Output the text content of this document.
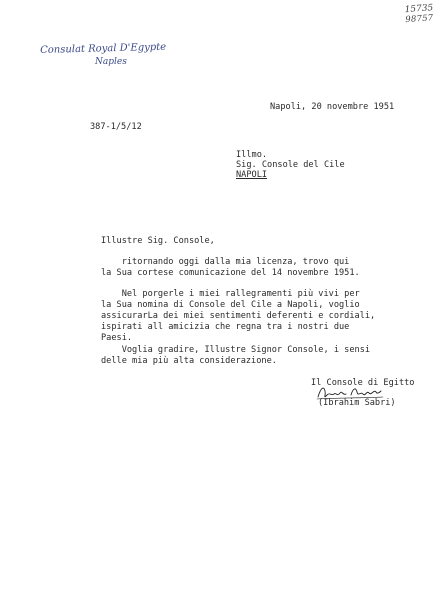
15735
98757
Consulat Royal D'Egypte
Naples
Napoli, 20 novembre 1951
387-1/5/12
Illmo.
Sig. Console del Cile
NAPOLI
Illustre Sig. Console,
ritornando oggi dalla mia licenza, trovo qui
la Sua cortese comunicazione del 14 novembre 1951.
Nel porgerle i miei rallegramenti più vivi per
la Sua nomina di Console del Cile a Napoli, voglio
assicurarLa dei miei sentimenti deferenti e cordiali,
ispirati all amicizia che regna tra i nostri due
Paesi.
Voglia gradire, Illustre Signor Console, i sensi
delle mia più alta considerazione.
Il Console di Egitto
(Ibrahim Sabri)
